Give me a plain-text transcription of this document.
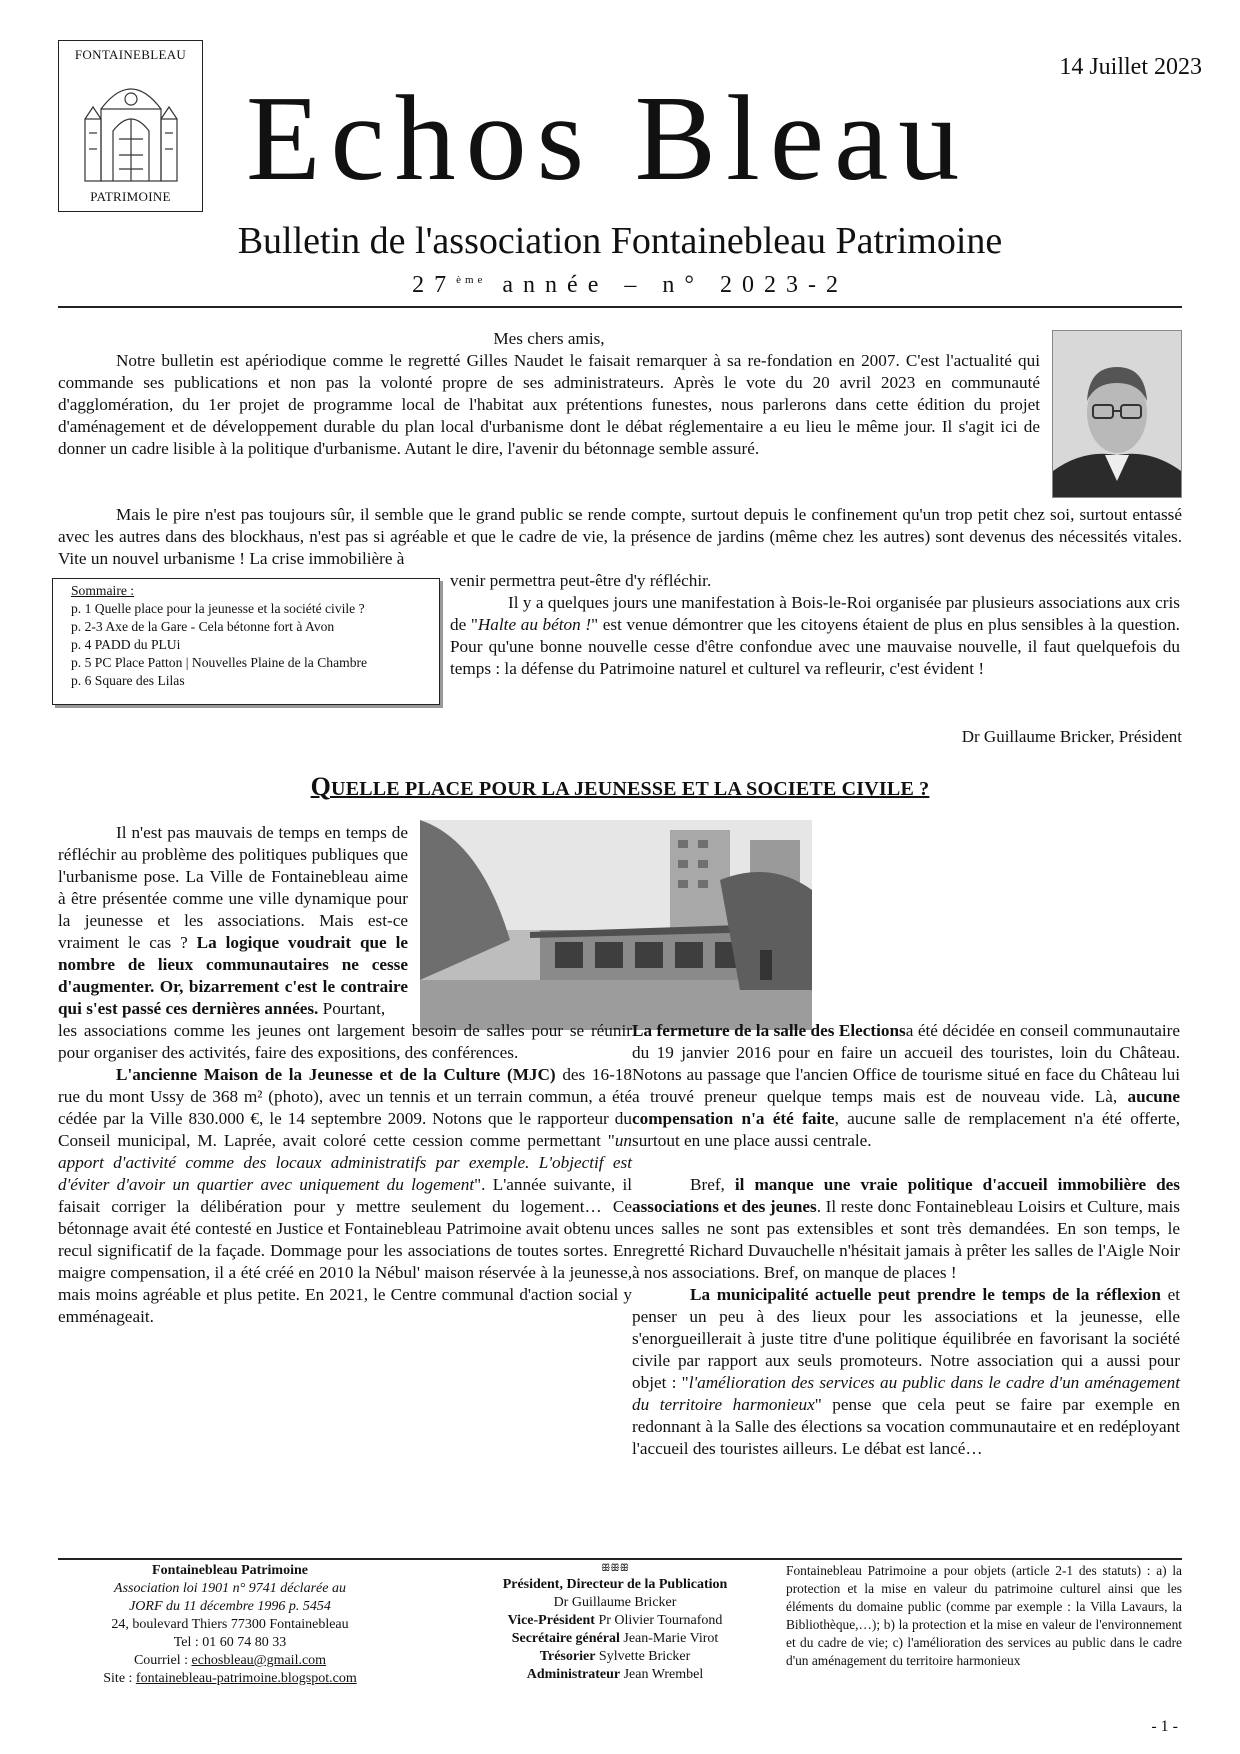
FONTAINEBLEAU
PATRIMOINE
14 Juillet 2023
Echos Bleau
Bulletin de l'association Fontainebleau Patrimoine
27ème année – n° 2023-2

Mes chers amis,

Notre bulletin est apériodique comme le regretté Gilles Naudet le faisait remarquer à sa re-fondation en 2007. C'est l'actualité qui commande ses publications et non pas la volonté propre de ses administrateurs. Après le vote du 20 avril 2023 en communauté d'agglomération, du 1er projet de programme local de l'habitat aux prétentions funestes, nous parlerons dans cette édition du projet d'aménagement et de développement durable du plan local d'urbanisme dont le débat réglementaire a eu lieu le même jour. Il s'agit ici de donner un cadre lisible à la politique d'urbanisme. Autant le dire, l'avenir du bétonnage semble assuré.

Mais le pire n'est pas toujours sûr, il semble que le grand public se rende compte, surtout depuis le confinement qu'un trop petit chez soi, surtout entassé avec les autres dans des blockhaus, n'est pas si agréable et que le cadre de vie, la présence de jardins (même chez les autres) sont devenus des nécessités vitales. Vite un nouvel urbanisme ! La crise immobilière à

venir permettra peut-être d'y réfléchir.

Il y a quelques jours une manifestation à Bois-le-Roi organisée par plusieurs associations aux cris de "Halte au béton !" est venue démontrer que les citoyens étaient de plus en plus sensibles à la question. Pour qu'une bonne nouvelle cesse d'être confondue avec une mauvaise nouvelle, il faut quelquefois du temps : la défense du Patrimoine naturel et culturel va refleurir, c'est évident !

Sommaire :
p. 1 Quelle place pour la jeunesse et la société civile ?
p. 2-3 Axe de la Gare - Cela bétonne fort à Avon
p. 4 PADD du PLUi
p. 5 PC Place Patton | Nouvelles Plaine de la Chambre
p. 6 Square des Lilas
Dr Guillaume Bricker, Président
QUELLE PLACE POUR LA JEUNESSE ET LA SOCIETE CIVILE ?

Il n'est pas mauvais de temps en temps de réfléchir au problème des politiques publiques que l'urbanisme pose. La Ville de Fontainebleau aime à être présentée comme une ville dynamique pour la jeunesse et les associations. Mais est-ce vraiment le cas ? La logique voudrait que le nombre de lieux communautaires ne cesse d'augmenter. Or, bizarrement c'est le contraire qui s'est passé ces dernières années. Pourtant,

Fontainebleau Patrimoine
Association loi 1901 n° 9741 déclarée au
JORF du 11 décembre 1996 p. 5454
24, boulevard Thiers 77300 Fontainebleau
Tel : 01 60 74 80 33
Courriel : echosbleau@gmail.com
Site : fontainebleau-patrimoine.blogspot.com
ꕥꕥꕥ
Président, Directeur de la Publication
Dr Guillaume Bricker
Vice-Président Pr Olivier Tournafond
Secrétaire général Jean-Marie Virot
Trésorier Sylvette Bricker
Administrateur Jean Wrembel
Fontainebleau Patrimoine a pour objets (article 2-1 des statuts) : a) la protection et la mise en valeur du patrimoine culturel ainsi que les éléments du domaine public (comme par exemple : la Villa Lavaurs, la Bibliothèque,…); b) la protection et la mise en valeur de l'environnement et du cadre de vie; c) l'amélioration des services au public dans le cadre d'un aménagement du territoire harmonieux

les associations comme les jeunes ont largement besoin de salles pour se réunir pour organiser des activités, faire des expositions, des conférences.

L'ancienne Maison de la Jeunesse et de la Culture (MJC) des 16-18 rue du mont Ussy de 368 m² (photo), avec un tennis et un terrain commun, a été cédée par la Ville 830.000 €, le 14 septembre 2009. Notons que le rapporteur du Conseil municipal, M. Laprée, avait coloré cette cession comme permettant "un apport d'activité comme des locaux administratifs par exemple. L'objectif est d'éviter d'avoir un quartier avec uniquement du logement". L'année suivante, il faisait corriger la délibération pour y mettre seulement du logement… Ce bétonnage avait été contesté en Justice et Fontainebleau Patrimoine avait obtenu un recul significatif de la façade. Dommage pour les associations de toutes sortes. En maigre compensation, il a été créé en 2010 la Nébul' maison réservée à la jeunesse, mais moins agréable et plus petite. En 2021, le Centre communal d'action social y emménageait.

- 1 -

La fermeture de la salle des Electionsa été décidée en conseil communautaire du 19 janvier 2016 pour en faire un accueil des touristes, loin du Château. Notons au passage que l'ancien Office de tourisme situé en face du Château lui a trouvé preneur quelque temps mais est de nouveau vide. Là, aucune compensation n'a été faite, aucune salle de remplacement n'a été offerte, surtout en une place aussi centrale.

Bref, il manque une vraie politique d'accueil immobilière des associations et des jeunes. Il reste donc Fontainebleau Loisirs et Culture, mais ces salles ne sont pas extensibles et sont très demandées. En son temps, le regretté Richard Duvauchelle n'hésitait jamais à prêter les salles de l'Aigle Noir à nos associations. Bref, on manque de places !

La municipalité actuelle peut prendre le temps de la réflexion et penser un peu à des lieux pour les associations et la jeunesse, elle s'enorgueillerait à juste titre d'une politique équilibrée en favorisant la société civile par rapport aux seuls promoteurs. Notre association qui a aussi pour objet : "l'amélioration des services au public dans le cadre d'un aménagement du territoire harmonieux" pense que cela peut se faire par exemple en redonnant à la Salle des élections sa vocation communautaire et en redéployant l'accueil des touristes ailleurs. Le débat est lancé…
